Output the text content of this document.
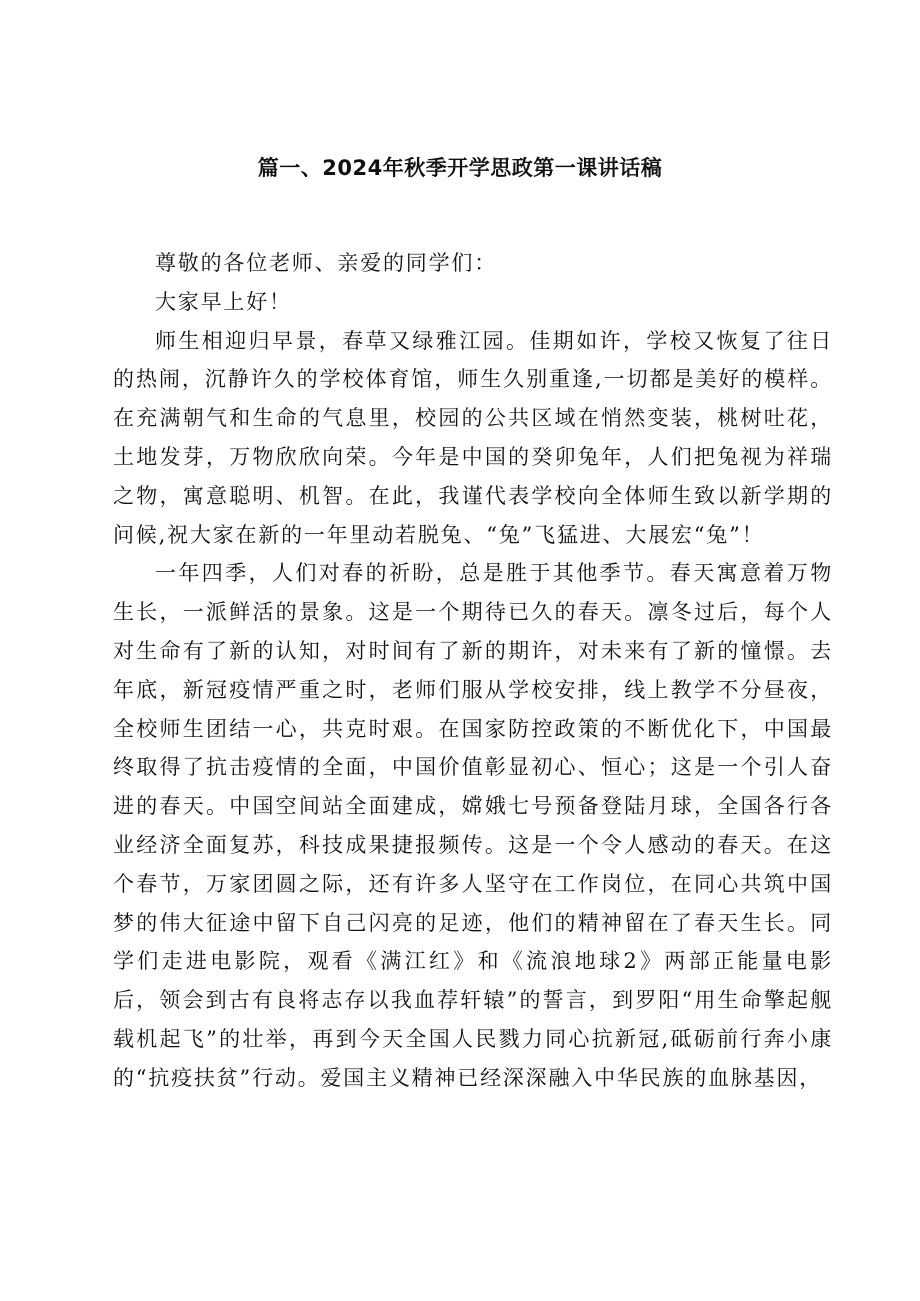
篇一、2024年秋季开学思政第一课讲话稿

尊敬的各位老师、亲爱的同学们：

大家早上好！

师生相迎归早景，春草又绿雅江园。佳期如许，学校又恢复了往日的热闹，沉静许久的学校体育馆，师生久别重逢,一切都是美好的模样。在充满朝气和生命的气息里，校园的公共区域在悄然变装，桃树吐花，土地发芽，万物欣欣向荣。今年是中国的癸卯兔年，人们把兔视为祥瑞之物，寓意聪明、机智。在此，我谨代表学校向全体师生致以新学期的问候,祝大家在新的一年里动若脱兔、“兔”飞猛进、大展宏“兔”！

一年四季，人们对春的祈盼，总是胜于其他季节。春天寓意着万物生长，一派鲜活的景象。这是一个期待已久的春天。凛冬过后，每个人对生命有了新的认知，对时间有了新的期许，对未来有了新的憧憬。去年底，新冠疫情严重之时，老师们服从学校安排，线上教学不分昼夜，全校师生团结一心，共克时艰。在国家防控政策的不断优化下，中国最终取得了抗击疫情的全面，中国价值彰显初心、恒心；这是一个引人奋进的春天。中国空间站全面建成，嫦娥七号预备登陆月球，全国各行各业经济全面复苏，科技成果捷报频传。这是一个令人感动的春天。在这个春节，万家团圆之际，还有许多人坚守在工作岗位，在同心共筑中国梦的伟大征途中留下自己闪亮的足迹，他们的精神留在了春天生长。同学们走进电影院，观看《满江红》和《流浪地球2》两部正能量电影后，领会到古有良将志存以我血荐轩辕”的誓言，到罗阳“用生命擎起舰载机起飞”的壮举，再到今天全国人民戮力同心抗新冠,砥砺前行奔小康的“抗疫扶贫”行动。爱国主义精神已经深深融入中华民族的血脉基因，
